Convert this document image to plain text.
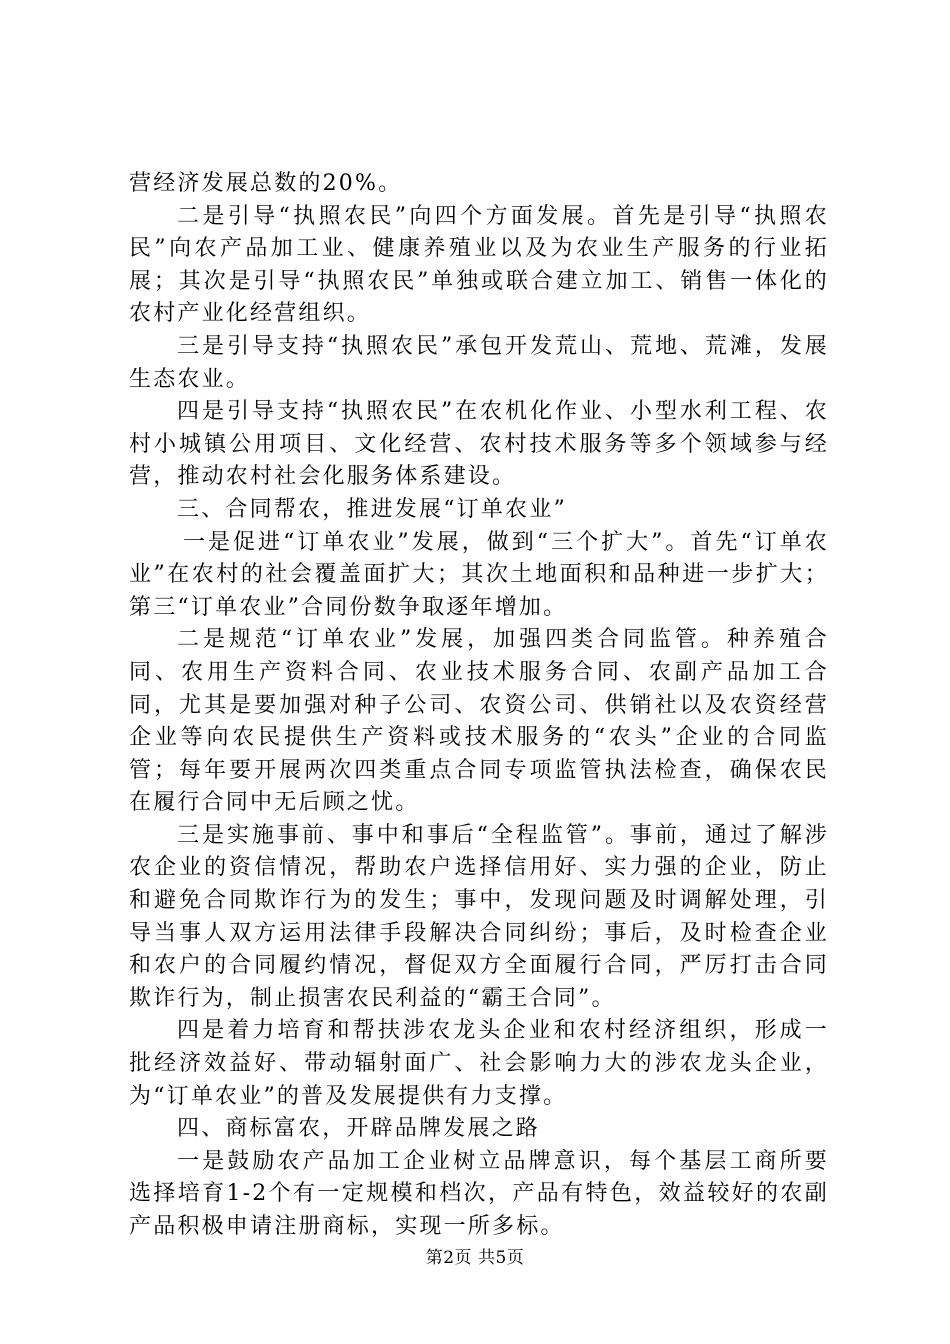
营经济发展总数的20%。

二是引导“执照农民”向四个方面发展。首先是引导“执照农民”向农产品加工业、健康养殖业以及为农业生产服务的行业拓展；其次是引导“执照农民”单独或联合建立加工、销售一体化的农村产业化经营组织。

三是引导支持“执照农民”承包开发荒山、荒地、荒滩，发展生态农业。

四是引导支持“执照农民”在农机化作业、小型水利工程、农村小城镇公用项目、文化经营、农村技术服务等多个领域参与经营，推动农村社会化服务体系建设。

三、合同帮农，推进发展“订单农业”

一是促进“订单农业”发展，做到“三个扩大”。首先“订单农业”在农村的社会覆盖面扩大；其次土地面积和品种进一步扩大；第三“订单农业”合同份数争取逐年增加。

二是规范“订单农业”发展，加强四类合同监管。种养殖合同、农用生产资料合同、农业技术服务合同、农副产品加工合同，尤其是要加强对种子公司、农资公司、供销社以及农资经营企业等向农民提供生产资料或技术服务的“农头”企业的合同监管；每年要开展两次四类重点合同专项监管执法检查，确保农民在履行合同中无后顾之忧。

三是实施事前、事中和事后“全程监管”。事前，通过了解涉农企业的资信情况，帮助农户选择信用好、实力强的企业，防止和避免合同欺诈行为的发生；事中，发现问题及时调解处理，引导当事人双方运用法律手段解决合同纠纷；事后，及时检查企业和农户的合同履约情况，督促双方全面履行合同，严厉打击合同欺诈行为，制止损害农民利益的“霸王合同”。

四是着力培育和帮扶涉农龙头企业和农村经济组织，形成一批经济效益好、带动辐射面广、社会影响力大的涉农龙头企业，为“订单农业”的普及发展提供有力支撑。

四、商标富农，开辟品牌发展之路

一是鼓励农产品加工企业树立品牌意识，每个基层工商所要选择培育1-2个有一定规模和档次，产品有特色，效益较好的农副产品积极申请注册商标，实现一所多标。

第2页 共5页
